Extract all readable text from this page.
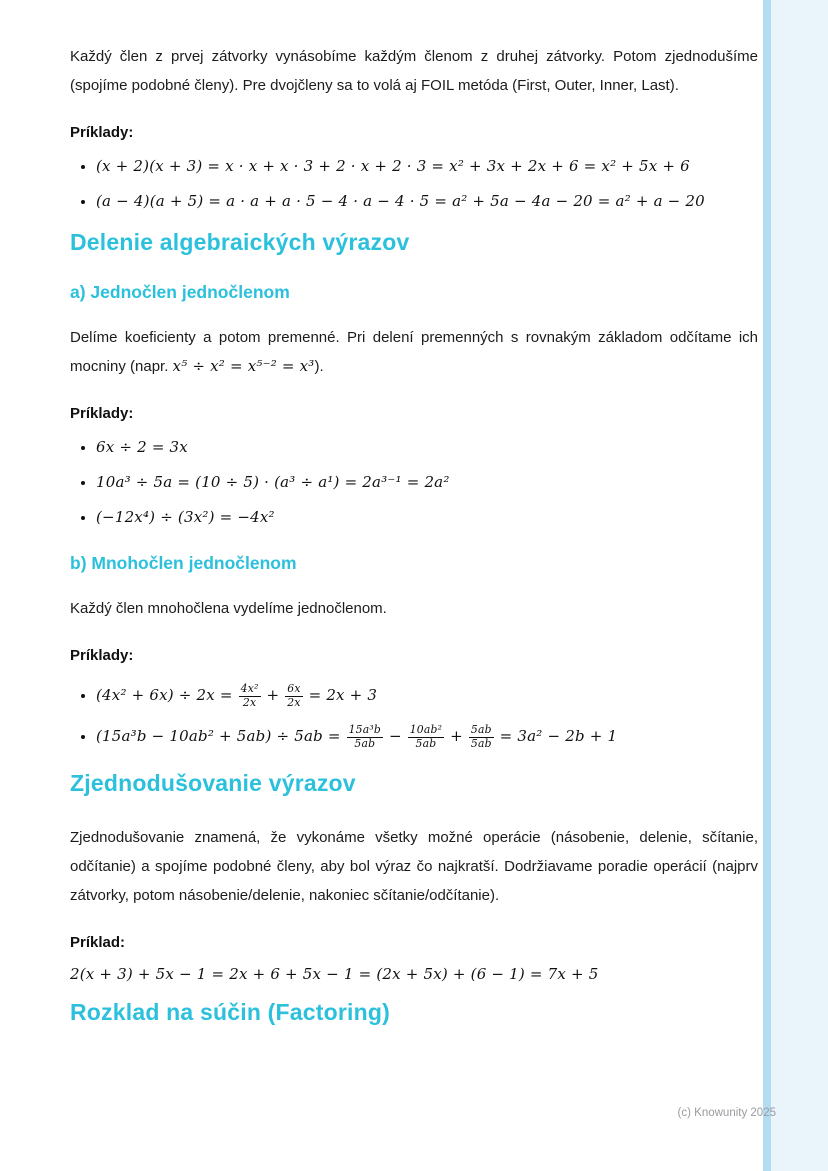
Každý člen z prvej zátvorky vynásobíme každým členom z druhej zátvorky. Potom zjednodušíme (spojíme podobné členy). Pre dvojčleny sa to volá aj FOIL metóda (First, Outer, Inner, Last).

Príklady:

• (x + 2)(x + 3) = x · x + x · 3 + 2 · x + 2 · 3 = x² + 3x + 2x + 6 = x² + 5x + 6
• (a − 4)(a + 5) = a · a + a · 5 − 4 · a − 4 · 5 = a² + 5a − 4a − 20 = a² + a − 20
Delenie algebraických výrazov
a) Jednočlen jednočlenom

Delíme koeficienty a potom premenné. Pri delení premenných s rovnakým základom odčítame ich mocniny (napr. x⁵ ÷ x² = x⁵⁻² = x³).

Príklady:

• 6x ÷ 2 = 3x
• 10a³ ÷ 5a = (10 ÷ 5) · (a³ ÷ a¹) = 2a³⁻¹ = 2a²
• (−12x⁴) ÷ (3x²) = −4x²
b) Mnohočlen jednočlenom

Každý člen mnohočlena vydelíme jednočlenom.

Príklady:

• $(4x^2 + 6x) \div 2x = \frac{\text{4x²}}{2x} + \frac{6x}{2x} = 2x + 3$
• $(15a^3b - 10ab^2 + 5ab) \div 5ab = \frac{\text{15a³b}}{5ab} - \frac{\text{10ab²}}{5ab} + \frac{5ab}{5ab} = 3a^2 - 2b + 1$
Zjednodušovanie výrazov

Zjednodušovanie znamená, že vykonáme všetky možné operácie (násobenie, delenie, sčítanie, odčítanie) a spojíme podobné členy, aby bol výraz čo najkratší. Dodržiavame poradie operácií (najprv zátvorky, potom násobenie/delenie, nakoniec sčítanie/odčítanie).

Príklad:

2(x + 3) + 5x − 1 = 2x + 6 + 5x − 1 = (2x + 5x) + (6 − 1) = 7x + 5

Rozklad na súčin (Factoring)
(c) Knowunity 2025
